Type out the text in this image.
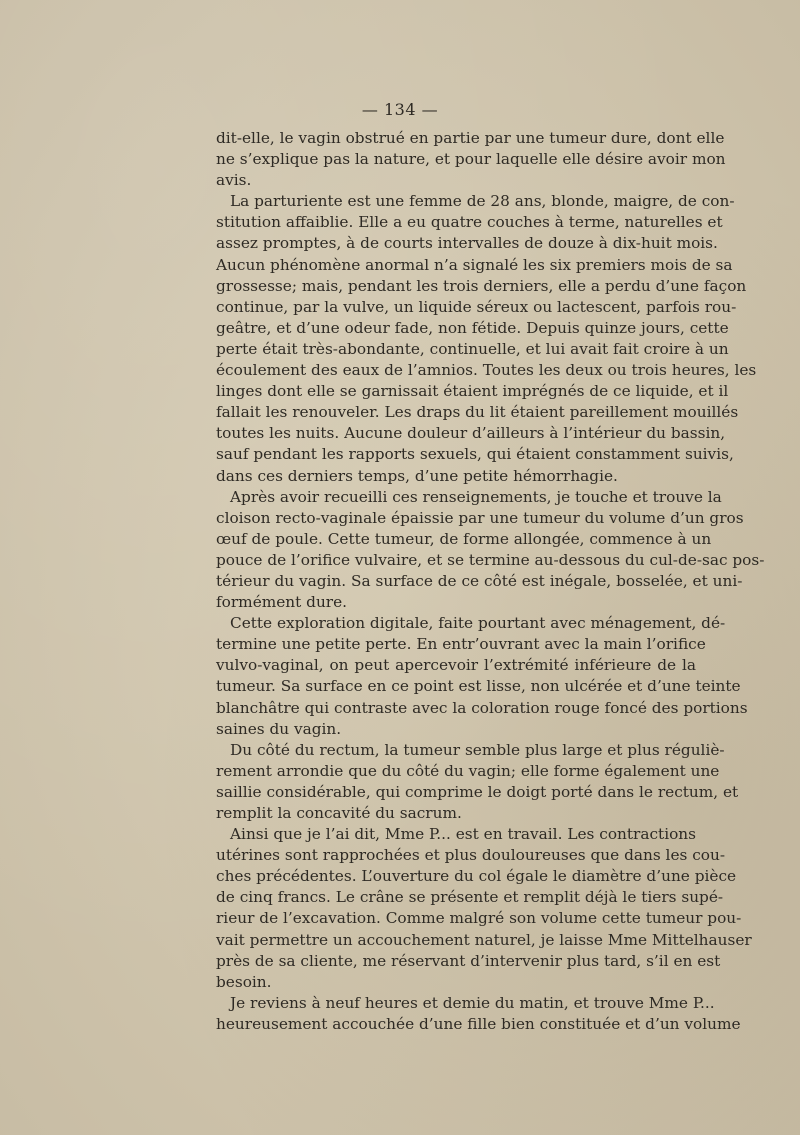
— 134 —
dit-elle, le vagin obstrué en partie par une tumeur dure, dont elle
ne s’explique pas la nature, et pour laquelle elle désire avoir mon
avis.
La parturiente est une femme de 28 ans, blonde, maigre, de con-
stitution affaiblie. Elle a eu quatre couches à terme, naturelles et
assez promptes, à de courts intervalles de douze à dix-huit mois.
Aucun phénomène anormal n’a signalé les six premiers mois de sa
grossesse; mais, pendant les trois derniers, elle a perdu d’une façon
continue, par la vulve, un liquide séreux ou lactescent, parfois rou-
geâtre, et d’une odeur fade, non fétide. Depuis quinze jours, cette
perte était très-abondante, continuelle, et lui avait fait croire à un
écoulement des eaux de l’amnios. Toutes les deux ou trois heures, les
linges dont elle se garnissait étaient imprégnés de ce liquide, et il
fallait les renouveler. Les draps du lit étaient pareillement mouillés
toutes les nuits. Aucune douleur d’ailleurs à l’intérieur du bassin,
sauf pendant les rapports sexuels, qui étaient constamment suivis,
dans ces derniers temps, d’une petite hémorrhagie.
Après avoir recueilli ces renseignements, je touche et trouve la
cloison recto-vaginale épaissie par une tumeur du volume d’un gros
œuf de poule. Cette tumeur, de forme allongée, commence à un
pouce de l’orifice vulvaire, et se termine au-dessous du cul-de-sac pos-
térieur du vagin. Sa surface de ce côté est inégale, bosselée, et uni-
formément dure.
Cette exploration digitale, faite pourtant avec ménagement, dé-
termine une petite perte. En entr’ouvrant avec la main l’orifice
vulvo-vaginal, on peut apercevoir l’extrémité inférieure de la
tumeur. Sa surface en ce point est lisse, non ulcérée et d’une teinte
blanchâtre qui contraste avec la coloration rouge foncé des portions
saines du vagin.
Du côté du rectum, la tumeur semble plus large et plus réguliè-
rement arrondie que du côté du vagin; elle forme également une
saillie considérable, qui comprime le doigt porté dans le rectum, et
remplit la concavité du sacrum.
Ainsi que je l’ai dit, Mme P... est en travail. Les contractions
utérines sont rapprochées et plus douloureuses que dans les cou-
ches précédentes. L’ouverture du col égale le diamètre d’une pièce
de cinq francs. Le crâne se présente et remplit déjà le tiers supé-
rieur de l’excavation. Comme malgré son volume cette tumeur pou-
vait permettre un accouchement naturel, je laisse Mme Mittelhauser
près de sa cliente, me réservant d’intervenir plus tard, s’il en est
besoin.
Je reviens à neuf heures et demie du matin, et trouve Mme P...
heureusement accouchée d’une fille bien constituée et d’un volume
